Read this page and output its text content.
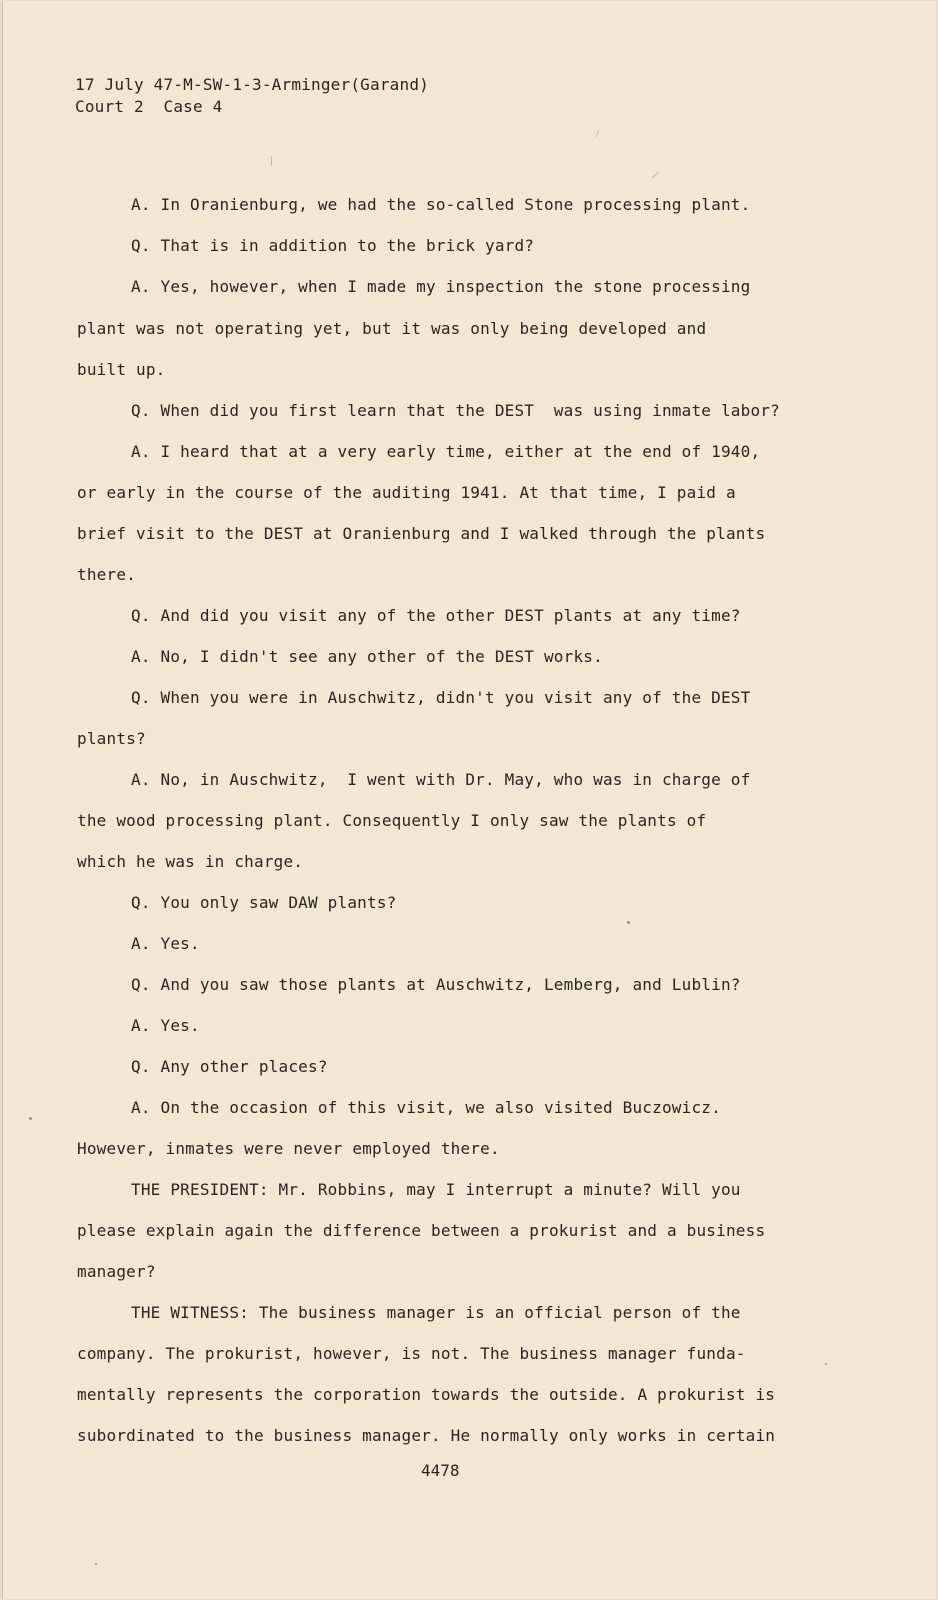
17 July 47-M-SW-1-3-Arminger(Garand)
Court 2  Case 4
A. In Oranienburg, we had the so-called Stone processing plant.
Q. That is in addition to the brick yard?
A. Yes, however, when I made my inspection the stone processing
plant was not operating yet, but it was only being developed and
built up.
Q. When did you first learn that the DEST  was using inmate labor?
A. I heard that at a very early time, either at the end of 1940,
or early in the course of the auditing 1941. At that time, I paid a
brief visit to the DEST at Oranienburg and I walked through the plants
there.
Q. And did you visit any of the other DEST plants at any time?
A. No, I didn't see any other of the DEST works.
Q. When you were in Auschwitz, didn't you visit any of the DEST
plants?
A. No, in Auschwitz,  I went with Dr. May, who was in charge of
the wood processing plant. Consequently I only saw the plants of
which he was in charge.
Q. You only saw DAW plants?
A. Yes.
Q. And you saw those plants at Auschwitz, Lemberg, and Lublin?
A. Yes.
Q. Any other places?
A. On the occasion of this visit, we also visited Buczowicz.
However, inmates were never employed there.
THE PRESIDENT: Mr. Robbins, may I interrupt a minute? Will you
please explain again the difference between a prokurist and a business
manager?
THE WITNESS: The business manager is an official person of the
company. The prokurist, however, is not. The business manager funda-
mentally represents the corporation towards the outside. A prokurist is
subordinated to the business manager. He normally only works in certain
4478
